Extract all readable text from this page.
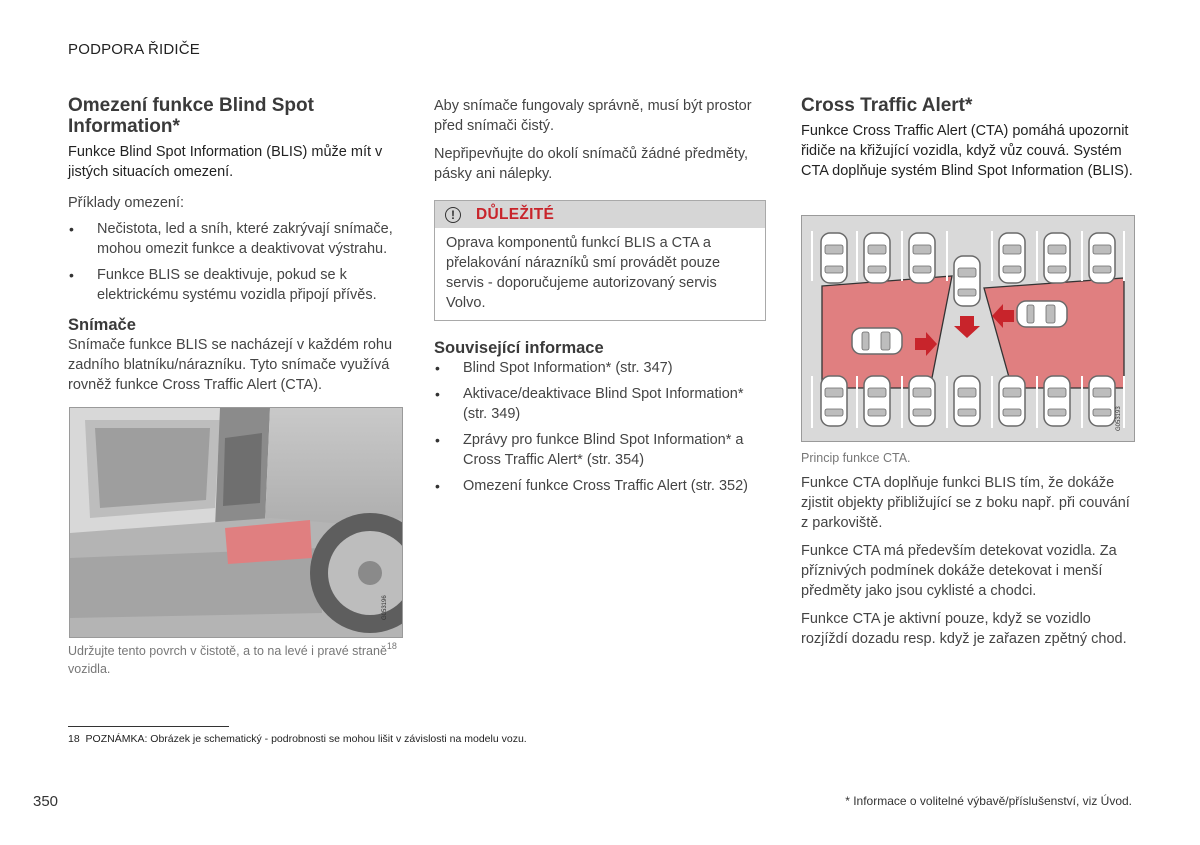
PODPORA ŘIDIČE
Omezení funkce Blind Spot Information*

Funkce Blind Spot Information (BLIS) může mít v jistých situacích omezení.

Příklady omezení:

• Nečistota, led a sníh, které zakrývají snímače, mohou omezit funkce a deaktivovat výstrahu.
• Funkce BLIS se deaktivuje, pokud se k elektrickému systému vozidla připojí přívěs.
Snímače

Snímače funkce BLIS se nacházejí v každém rohu zadního blatníku/nárazníku. Tyto snímače využívá rovněž funkce Cross Traffic Alert (CTA).

G053196
Udržujte tento povrch v čistotě, a to na levé i pravé straně$^{18}$ vozidla.

Aby snímače fungovaly správně, musí být prostor před snímači čistý.

Nepřipevňujte do okolí snímačů žádné předměty, pásky ani nálepky.

!	DŮLEŽITÉ

Oprava komponentů funkcí BLIS a CTA a přelakování nárazníků smí provádět pouze servis - doporučujeme autorizovaný servis Volvo.

Související informace
• Blind Spot Information* (str. 347)
• Aktivace/deaktivace Blind Spot Information* (str. 349)
• Zprávy pro funkce Blind Spot Information* a Cross Traffic Alert* (str. 354)
• Omezení funkce Cross Traffic Alert (str. 352)
Cross Traffic Alert*

Funkce Cross Traffic Alert (CTA) pomáhá upozornit řidiče na křižující vozidla, když vůz couvá. Systém CTA doplňuje systém Blind Spot Information (BLIS).

G053193
Princip funkce CTA.

Funkce CTA doplňuje funkci BLIS tím, že dokáže zjistit objekty přibližující se z boku např. při couvání z parkoviště.

Funkce CTA má především detekovat vozidla. Za příznivých podmínek dokáže detekovat i menší předměty jako jsou cyklisté a chodci.

Funkce CTA je aktivní pouze, když se vozidlo rozjíždí dozadu resp. když je zařazen zpětný chod.

18 POZNÁMKA: Obrázek je schematický - podrobnosti se mohou lišit v závislosti na modelu vozu.
350	* Informace o volitelné výbavě/příslušenství, viz Úvod.
